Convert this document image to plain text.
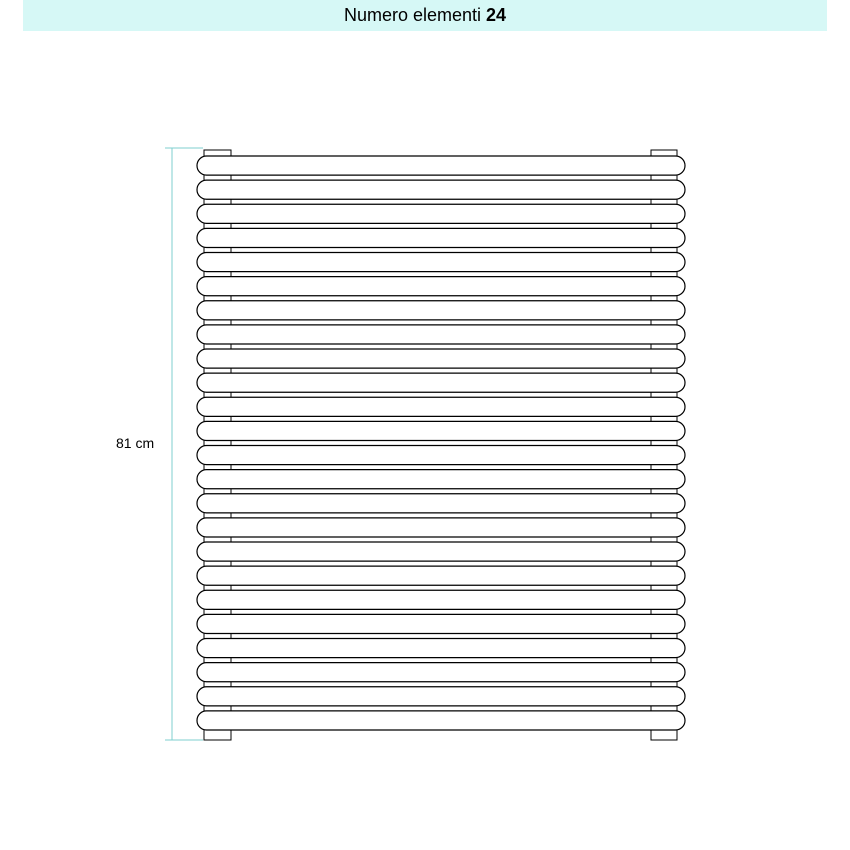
Numero elementi 24
81 cm
